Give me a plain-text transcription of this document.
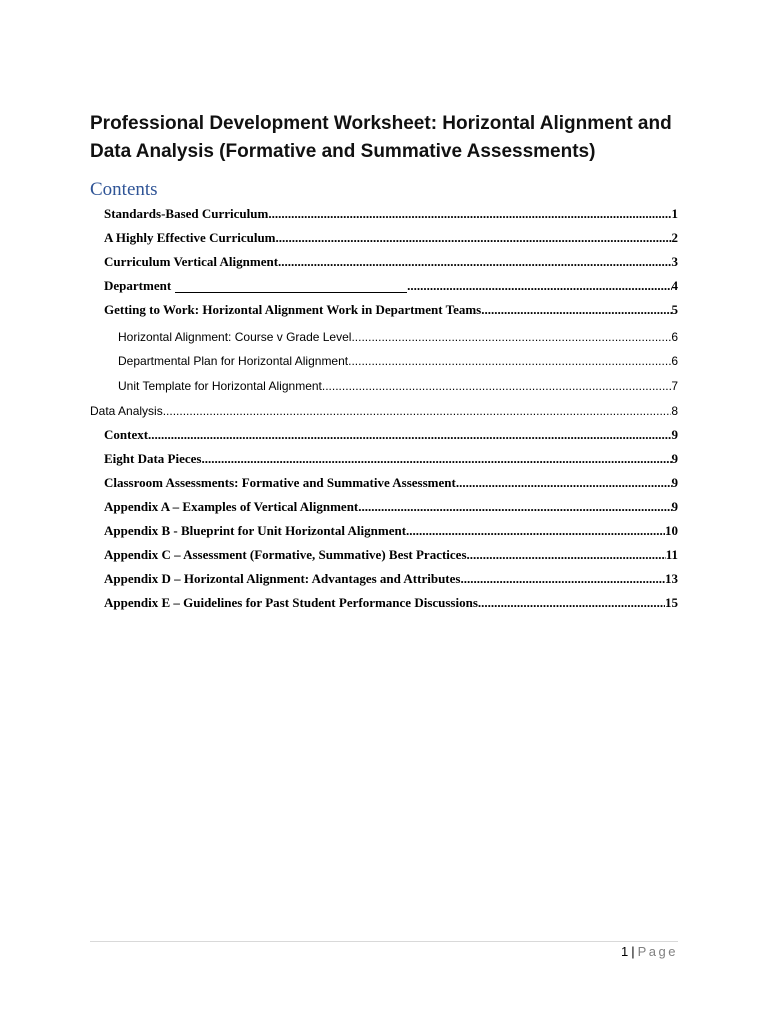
Professional Development Worksheet: Horizontal Alignment and Data Analysis (Formative and Summative Assessments)
Contents
Standards-Based Curriculum .....	1
A Highly Effective Curriculum .....	2
Curriculum Vertical Alignment .....	3
Department .....	4
Getting to Work: Horizontal Alignment Work in Department Teams .....	5
Horizontal Alignment: Course v Grade Level .....	6
Departmental Plan for Horizontal Alignment .....	6
Unit Template for Horizontal Alignment .....	7
Data Analysis .....	8
Context .....	9
Eight Data Pieces .....	9
Classroom Assessments: Formative and Summative Assessment .....	9
Appendix A – Examples of Vertical Alignment .....	9
Appendix B - Blueprint for Unit Horizontal Alignment .....	10
Appendix C – Assessment (Formative, Summative) Best Practices .....	11
Appendix D – Horizontal Alignment: Advantages and Attributes .....	13
Appendix E – Guidelines for Past Student Performance Discussions .....	15
1 | Page
